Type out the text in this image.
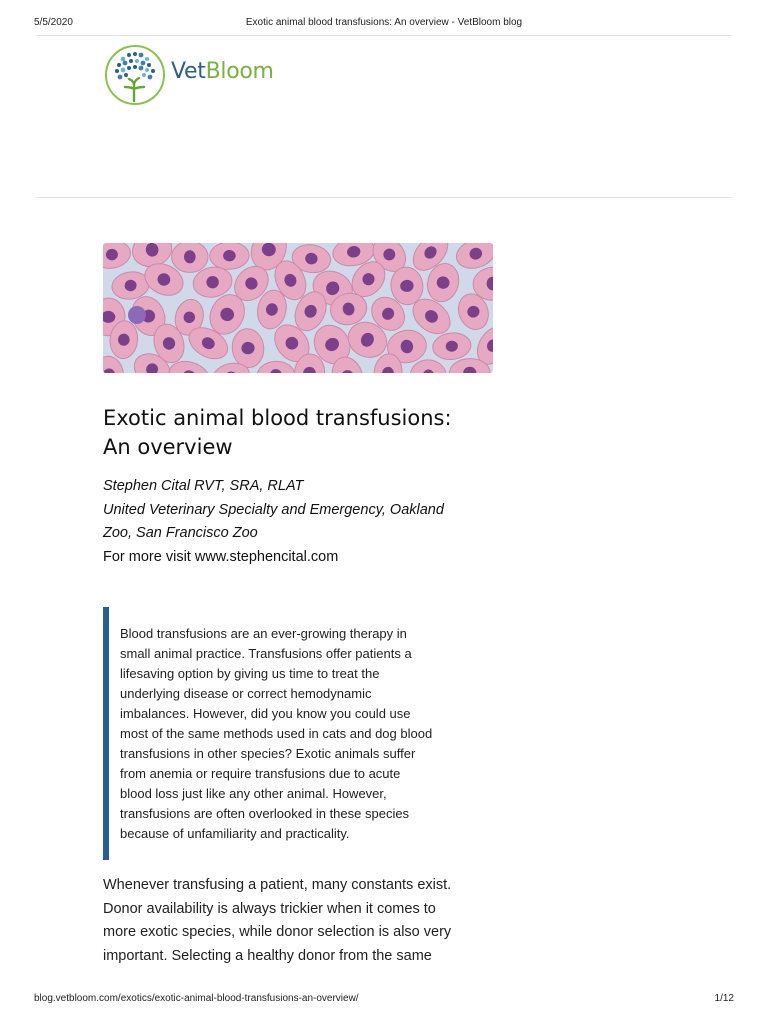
5/5/2020	Exotic animal blood transfusions: An overview - VetBloom blog
VetBloom
Exotic animal blood transfusions:
An overview
Stephen Cital RVT, SRA, RLAT
United Veterinary Specialty and Emergency, Oakland
Zoo, San Francisco Zoo
For more visit www.stephencital.com
Blood transfusions are an ever-growing therapy in
small animal practice. Transfusions offer patients a
lifesaving option by giving us time to treat the
underlying disease or correct hemodynamic
imbalances. However, did you know you could use
most of the same methods used in cats and dog blood
transfusions in other species? Exotic animals suffer
from anemia or require transfusions due to acute
blood loss just like any other animal. However,
transfusions are often overlooked in these species
because of unfamiliarity and practicality.

Whenever transfusing a patient, many constants exist.
Donor availability is always trickier when it comes to
more exotic species, while donor selection is also very
important. Selecting a healthy donor from the same

blog.vetbloom.com/exotics/exotic-animal-blood-transfusions-an-overview/	1/12
